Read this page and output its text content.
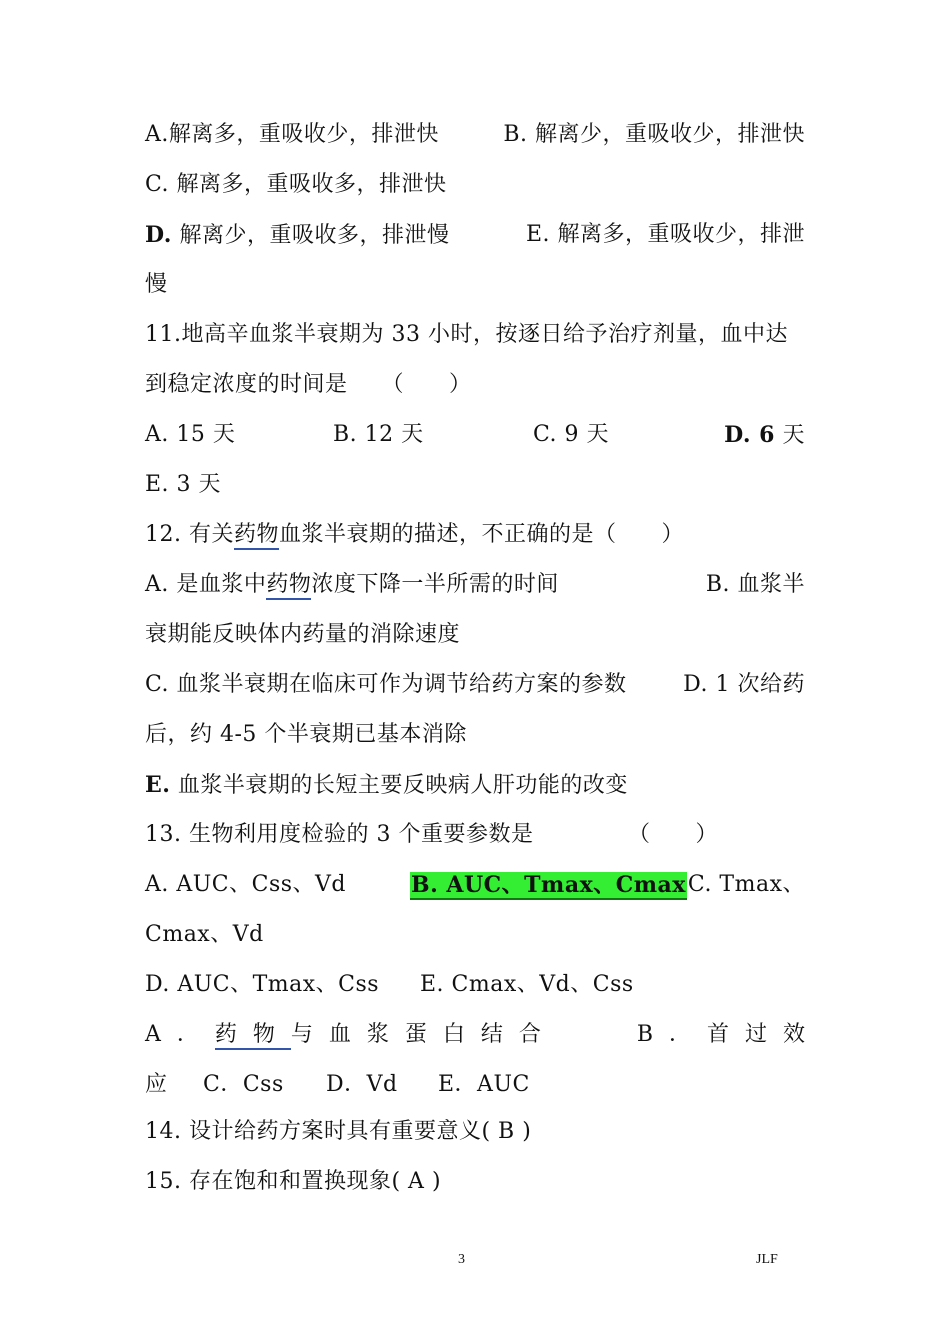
A.解离多，重吸收少，排泄快	B. 解离少，重吸收少，排泄快
C. 解离多，重吸收多，排泄快
D. 解离少，重吸收多，排泄慢	E. 解离多，重吸收少，排泄
慢
11.地高辛血浆半衰期为 33 小时，按逐日给予治疗剂量，血中达
到稳定浓度的时间是　　（　　）
A. 15 天	B. 12 天	C. 9 天	D. 6 天
E. 3 天
12. 有关药物血浆半衰期的描述，不正确的是（　　）
A. 是血浆中药物浓度下降一半所需的时间	B. 血浆半
衰期能反映体内药量的消除速度
C. 血浆半衰期在临床可作为调节给药方案的参数	D. 1 次给药
后，约 4-5 个半衰期已基本消除
E. 血浆半衰期的长短主要反映病人肝功能的改变
13. 生物利用度检验的 3 个重要参数是	（　　）
A. AUC、Css、Vd	B. AUC、Tmax、Cmax C. Tmax、
Cmax、Vd
D. AUC、Tmax、Css E. Cmax、Vd、Css
A．药物与血浆蛋白结合	B．首过效
应 C．Css D．Vd E．AUC
14. 设计给药方案时具有重要意义( B )
15. 存在饱和和置换现象( A )
3	JLF
